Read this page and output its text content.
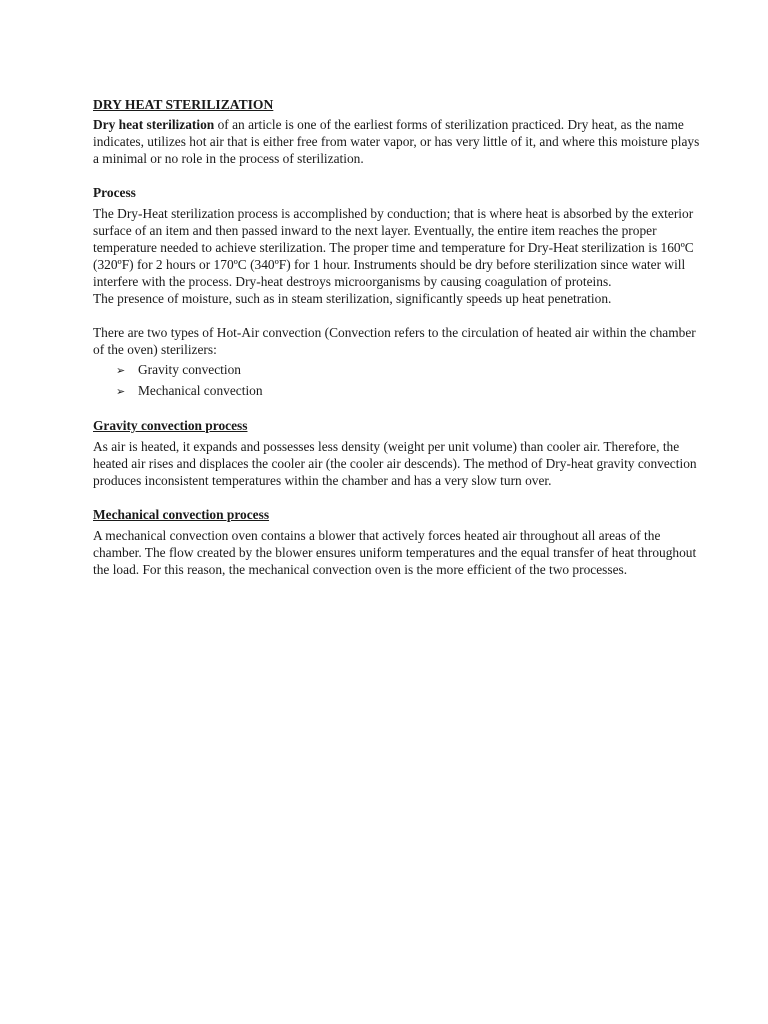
DRY HEAT STERILIZATION

Dry heat sterilization of an article is one of the earliest forms of sterilization practiced. Dry heat, as the name indicates, utilizes hot air that is either free from water vapor, or has very little of it, and where this moisture plays a minimal or no role in the process of sterilization.

Process

The Dry-Heat sterilization process is accomplished by conduction; that is where heat is absorbed by the exterior surface of an item and then passed inward to the next layer. Eventually, the entire item reaches the proper temperature needed to achieve sterilization. The proper time and temperature for Dry-Heat sterilization is 160ºC (320ºF) for 2 hours or 170ºC (340ºF) for 1 hour. Instruments should be dry before sterilization since water will interfere with the process. Dry-heat destroys microorganisms by causing coagulation of proteins.

The presence of moisture, such as in steam sterilization, significantly speeds up heat penetration.

There are two types of Hot-Air convection (Convection refers to the circulation of heated air within the chamber of the oven) sterilizers:

➢ Gravity convection
➢ Mechanical convection
Gravity convection process

As air is heated, it expands and possesses less density (weight per unit volume) than cooler air. Therefore, the heated air rises and displaces the cooler air (the cooler air descends). The method of Dry-heat gravity convection produces inconsistent temperatures within the chamber and has a very slow turn over.

Mechanical convection process

A mechanical convection oven contains a blower that actively forces heated air throughout all areas of the chamber. The flow created by the blower ensures uniform temperatures and the equal transfer of heat throughout the load. For this reason, the mechanical convection oven is the more efficient of the two processes.
